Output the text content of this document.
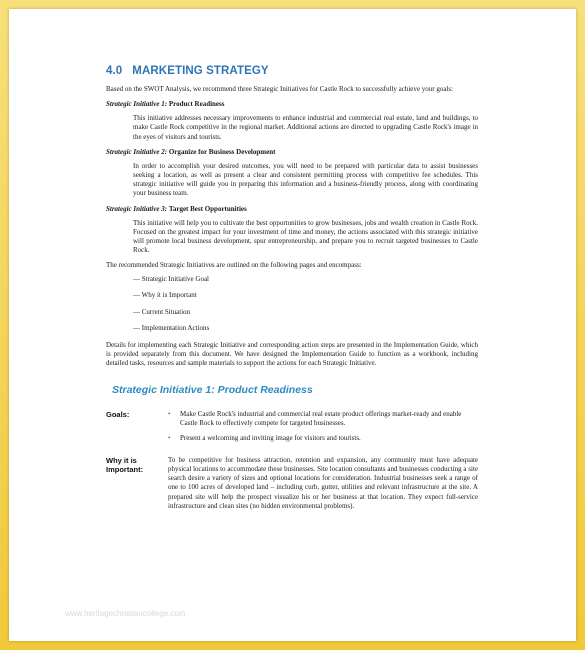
4.0 MARKETING STRATEGY

Based on the SWOT Analysis, we recommend three Strategic Initiatives for Castle Rock to successfully achieve your goals:

Strategic Initiative 1: Product Readiness

This initiative addresses necessary improvements to enhance industrial and commercial real estate, land and buildings, to make Castle Rock competitive in the regional market. Additional actions are directed to upgrading Castle Rock's image in the eyes of visitors and tourists.

Strategic Initiative 2: Organize for Business Development

In order to accomplish your desired outcomes, you will need to be prepared with particular data to assist businesses seeking a location, as well as present a clear and consistent permitting process with competitive fee schedules. This strategic initiative will guide you in preparing this information and a business-friendly process, along with coordinating your business team.

Strategic Initiative 3: Target Best Opportunities

This initiative will help you to cultivate the best opportunities to grow businesses, jobs and wealth creation in Castle Rock. Focused on the greatest impact for your investment of time and money, the actions associated with this strategic initiative will promote local business development, spur entrepreneurship, and prepare you to recruit targeted businesses to Castle Rock.

The recommended Strategic Initiatives are outlined on the following pages and encompass:

— Strategic Initiative Goal
— Why it is Important
— Current Situation
— Implementation Actions

Details for implementing each Strategic Initiative and corresponding action steps are presented in the Implementation Guide, which is provided separately from this document. We have designed the Implementation Guide to function as a workbook, including detailed tasks, resources and sample materials to support the actions for each Strategic Initiative.

Strategic Initiative 1: Product Readiness
Goals:	•	Make Castle Rock's industrial and commercial real estate product offerings market-ready and enable Castle Rock to effectively compete for targeted businesses.

•	Present a welcoming and inviting image for visitors and tourists.

Why it is
Important:

To be competitive for business attraction, retention and expansion, any community must have adequate physical locations to accommodate these businesses. Site location consultants and businesses conducting a site search desire a variety of sizes and optional locations for consideration. Industrial businesses seek a range of one to 100 acres of developed land – including curb, gutter, utilities and relevant infrastructure at the site. A prepared site will help the prospect visualize his or her business at that location. They expect full-service infrastructure and clean sites (no hidden environmental problems).

www.heritagechristiancollege.com
